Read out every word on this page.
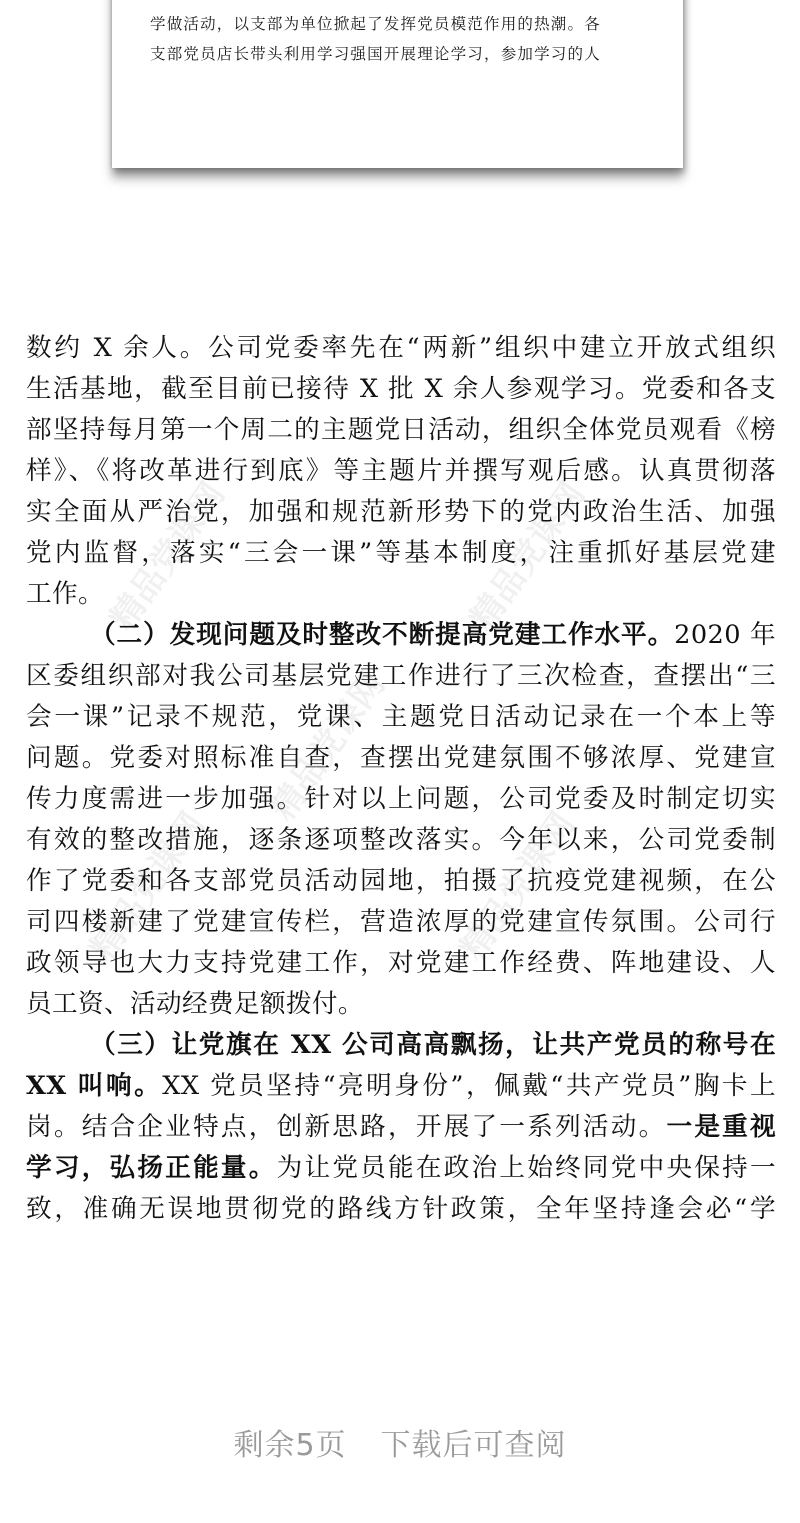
学做活动，以支部为单位掀起了发挥党员模范作用的热潮。各
支部党员店长带头利用学习强国开展理论学习，参加学习的人
精品党课网	精品党课网
精品党课网
精品党课网	精品党课网
数约 X 余人。公司党委率先在“两新”组织中建立开放式组织
生活基地，截至目前已接待 X 批 X 余人参观学习。党委和各支
部坚持每月第一个周二的主题党日活动，组织全体党员观看《榜
样》、《将改革进行到底》等主题片并撰写观后感。认真贯彻落
实全面从严治党，加强和规范新形势下的党内政治生活、加强
党内监督，落实“三会一课”等基本制度，注重抓好基层党建
工作。
（二）发现问题及时整改不断提高党建工作水平。2020 年
区委组织部对我公司基层党建工作进行了三次检查，查摆出“三
会一课”记录不规范，党课、主题党日活动记录在一个本上等
问题。党委对照标准自查，查摆出党建氛围不够浓厚、党建宣
传力度需进一步加强。针对以上问题，公司党委及时制定切实
有效的整改措施，逐条逐项整改落实。今年以来，公司党委制
作了党委和各支部党员活动园地，拍摄了抗疫党建视频，在公
司四楼新建了党建宣传栏，营造浓厚的党建宣传氛围。公司行
政领导也大力支持党建工作，对党建工作经费、阵地建设、人
员工资、活动经费足额拨付。
（三）让党旗在 XX 公司高高飘扬，让共产党员的称号在
XX 叫响。XX 党员坚持“亮明身份”，佩戴“共产党员”胸卡上
岗。结合企业特点，创新思路，开展了一系列活动。一是重视
学习，弘扬正能量。为让党员能在政治上始终同党中央保持一
致，准确无误地贯彻党的路线方针政策，全年坚持逢会必“学
剩余5页 下载后可查阅
